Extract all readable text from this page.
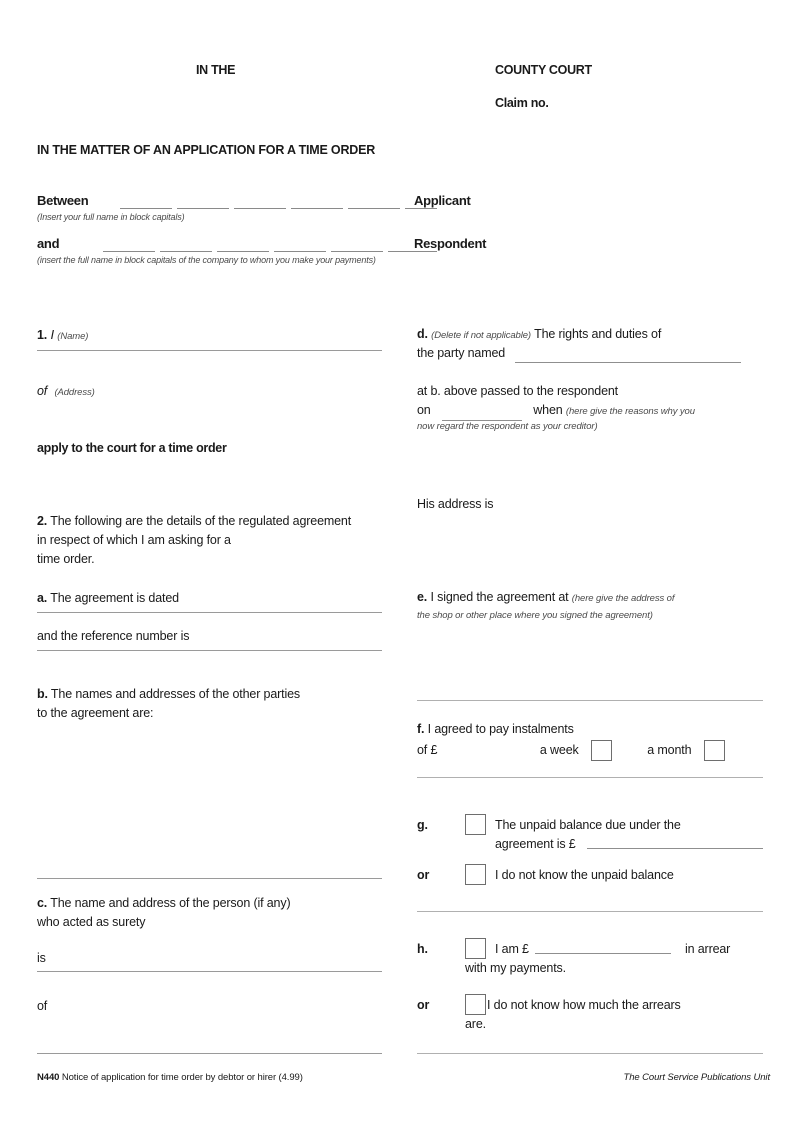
IN THE	COUNTY COURT
Claim no.
IN THE MATTER OF AN APPLICATION FOR A TIME ORDER
Between	Applicant
(Insert your full name in block capitals)
and	Respondent
(insert the full name in block capitals of the company to whom you make your payments)
1. I (Name)
of (Address)
apply to the court for a time order
2. The following are the details of the regulated agreement
in respect of which I am asking for a
time order.
a. The agreement is dated
and the reference number is
b. The names and addresses of the other parties
to the agreement are:
c. The name and address of the person (if any)
who acted as surety
is
of
d. (Delete if not applicable) The rights and duties of
the party named
at b. above passed to the respondent
on	when (here give the reasons why you
now regard the respondent as your creditor)
His address is
e. I signed the agreement at (here give the address of
the shop or other place where you signed the agreement)
f. I agreed to pay instalments
of £	a week	a month
g.	The unpaid balance due under the
agreement is £
or	I do not know the unpaid balance
h.	I am £	in arrear
with my payments.
or	I do not know how much the arrears
are.
N440 Notice of application for time order by debtor or hirer (4.99)	The Court Service Publications Unit
